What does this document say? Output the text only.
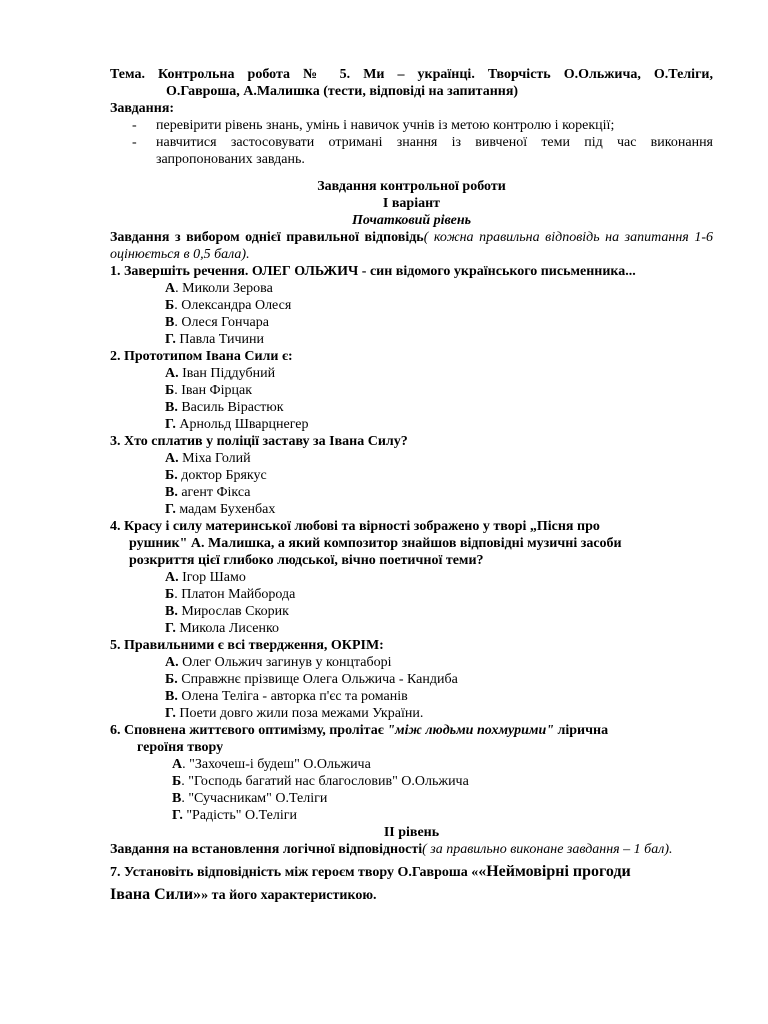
Тема. Контрольна робота № 5. Ми – українці. Творчість О.Ольжича, О.Теліги,
О.Гавроша, А.Малишка (тести, відповіді на запитання)
Завдання:
-	перевірити рівень знань, умінь і навичок учнів із метою контролю і корекції;
-	навчитися застосовувати отримані знання із вивченої теми під час виконання запропонованих завдань.
Завдання контрольної роботи
І варіант
Початковий рівень
Завдання з вибором однієї правильної відповідь( кожна правильна відповідь на запитання 1-6 оцінюється в 0,5 бала).
1. Завершіть речення. ОЛЕГ ОЛЬЖИЧ - син відомого українського письменника...
А. Миколи Зерова
Б. Олександра Олеся
В. Олеся Гончара
Г. Павла Тичини
2. Прототипом Івана Сили є:
А. Іван Піддубний
Б. Іван Фірцак
В. Василь Вірастюк
Г. Арнольд Шварцнегер
3. Хто сплатив у поліції заставу за Івана Силу?
А. Міха Голий
Б. доктор Брякус
В. агент Фікса
Г. мадам Бухенбах
4. Красу і силу материнської любові та вірності зображено у творі „Пісня про
рушник" А. Малишка, а який композитор знайшов відповідні музичні засоби
розкриття цієї глибоко людської, вічно поетичної теми?
А. Ігор Шамо
Б. Платон Майборода
В. Мирослав Скорик
Г. Микола Лисенко
5. Правильними є всі твердження, ОКРІМ:
А. Олег Ольжич загинув у концтаборі
Б. Справжнє прізвище Олега Ольжича - Кандиба
В. Олена Теліга - авторка п'єс та романів
Г. Поети довго жили поза межами України.
6. Сповнена життєвого оптимізму, пролітає "між людьми похмурими" лірична
героїня твору
А. "Захочеш-і будеш" О.Ольжича
Б. "Господь багатий нас благословив" О.Ольжича
В. "Сучасникам" О.Теліги
Г. "Радість" О.Теліги
ІІ рівень
Завдання на встановлення логічної відповідності( за правильно виконане завдання – 1 бал).
7. Установіть відповідність між героєм твору О.Гавроша ««Неймовірні прогоди
Івана Сили»» та його характеристикою.
